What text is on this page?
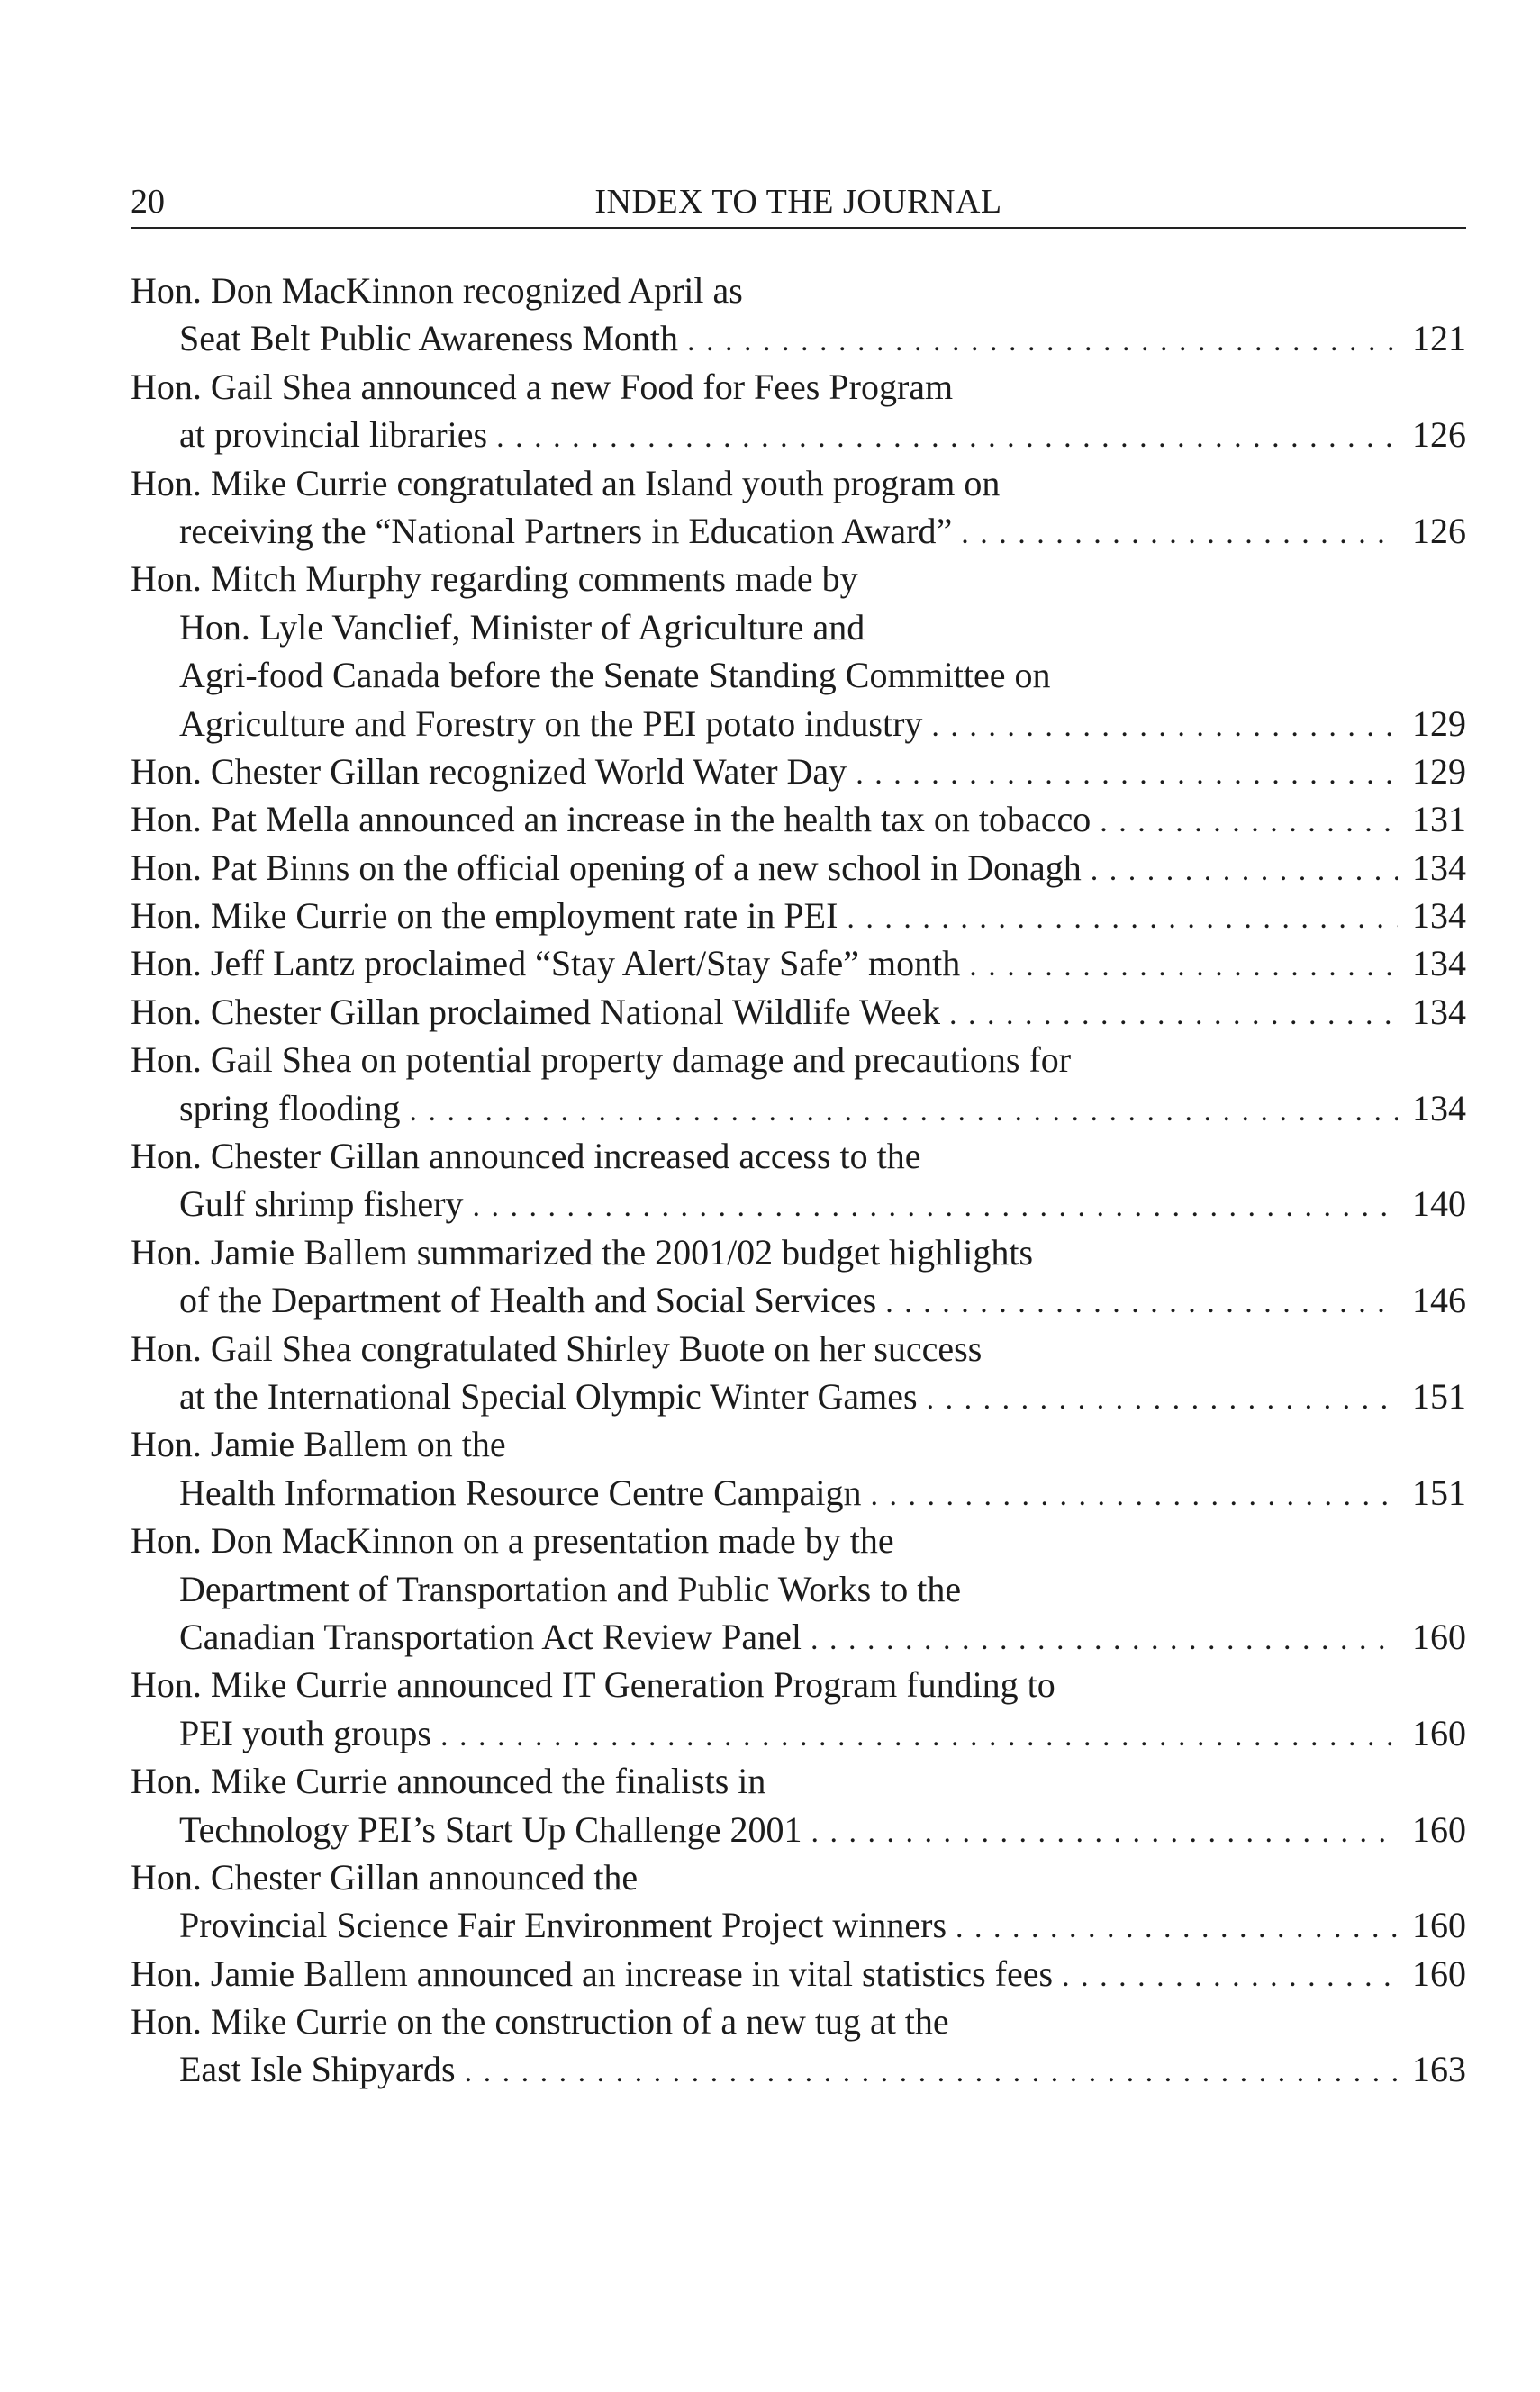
20	INDEX TO THE JOURNAL
Hon. Don MacKinnon recognized April as
Seat Belt Public Awareness Month . . .	121
Hon. Gail Shea announced a new Food for Fees Program
at provincial libraries . . .	126
Hon. Mike Currie congratulated an Island youth program on
receiving the “National Partners in Education Award” . . .	126
Hon. Mitch Murphy regarding comments made by
Hon. Lyle Vanclief, Minister of Agriculture and
Agri-food Canada before the Senate Standing Committee on
Agriculture and Forestry on the PEI potato industry . . .	129
Hon. Chester Gillan recognized World Water Day . . .	129
Hon. Pat Mella announced an increase in the health tax on tobacco . . .	131
Hon. Pat Binns on the official opening of a new school in Donagh . . .	134
Hon. Mike Currie on the employment rate in PEI . . .	134
Hon. Jeff Lantz proclaimed “Stay Alert/Stay Safe” month . . .	134
Hon. Chester Gillan proclaimed National Wildlife Week . . .	134
Hon. Gail Shea on potential property damage and precautions for
spring flooding . . .	134
Hon. Chester Gillan announced increased access to the
Gulf shrimp fishery . . .	140
Hon. Jamie Ballem summarized the 2001/02 budget highlights
of the Department of Health and Social Services . . .	146
Hon. Gail Shea congratulated Shirley Buote on her success
at the International Special Olympic Winter Games . . .	151
Hon. Jamie Ballem on the
Health Information Resource Centre Campaign . . .	151
Hon. Don MacKinnon on a presentation made by the
Department of Transportation and Public Works to the
Canadian Transportation Act Review Panel . . .	160
Hon. Mike Currie announced IT Generation Program funding to
PEI youth groups . . .	160
Hon. Mike Currie announced the finalists in
Technology PEI’s Start Up Challenge 2001 . . .	160
Hon. Chester Gillan announced the
Provincial Science Fair Environment Project winners . . .	160
Hon. Jamie Ballem announced an increase in vital statistics fees . . .	160
Hon. Mike Currie on the construction of a new tug at the
East Isle Shipyards . . .	163
